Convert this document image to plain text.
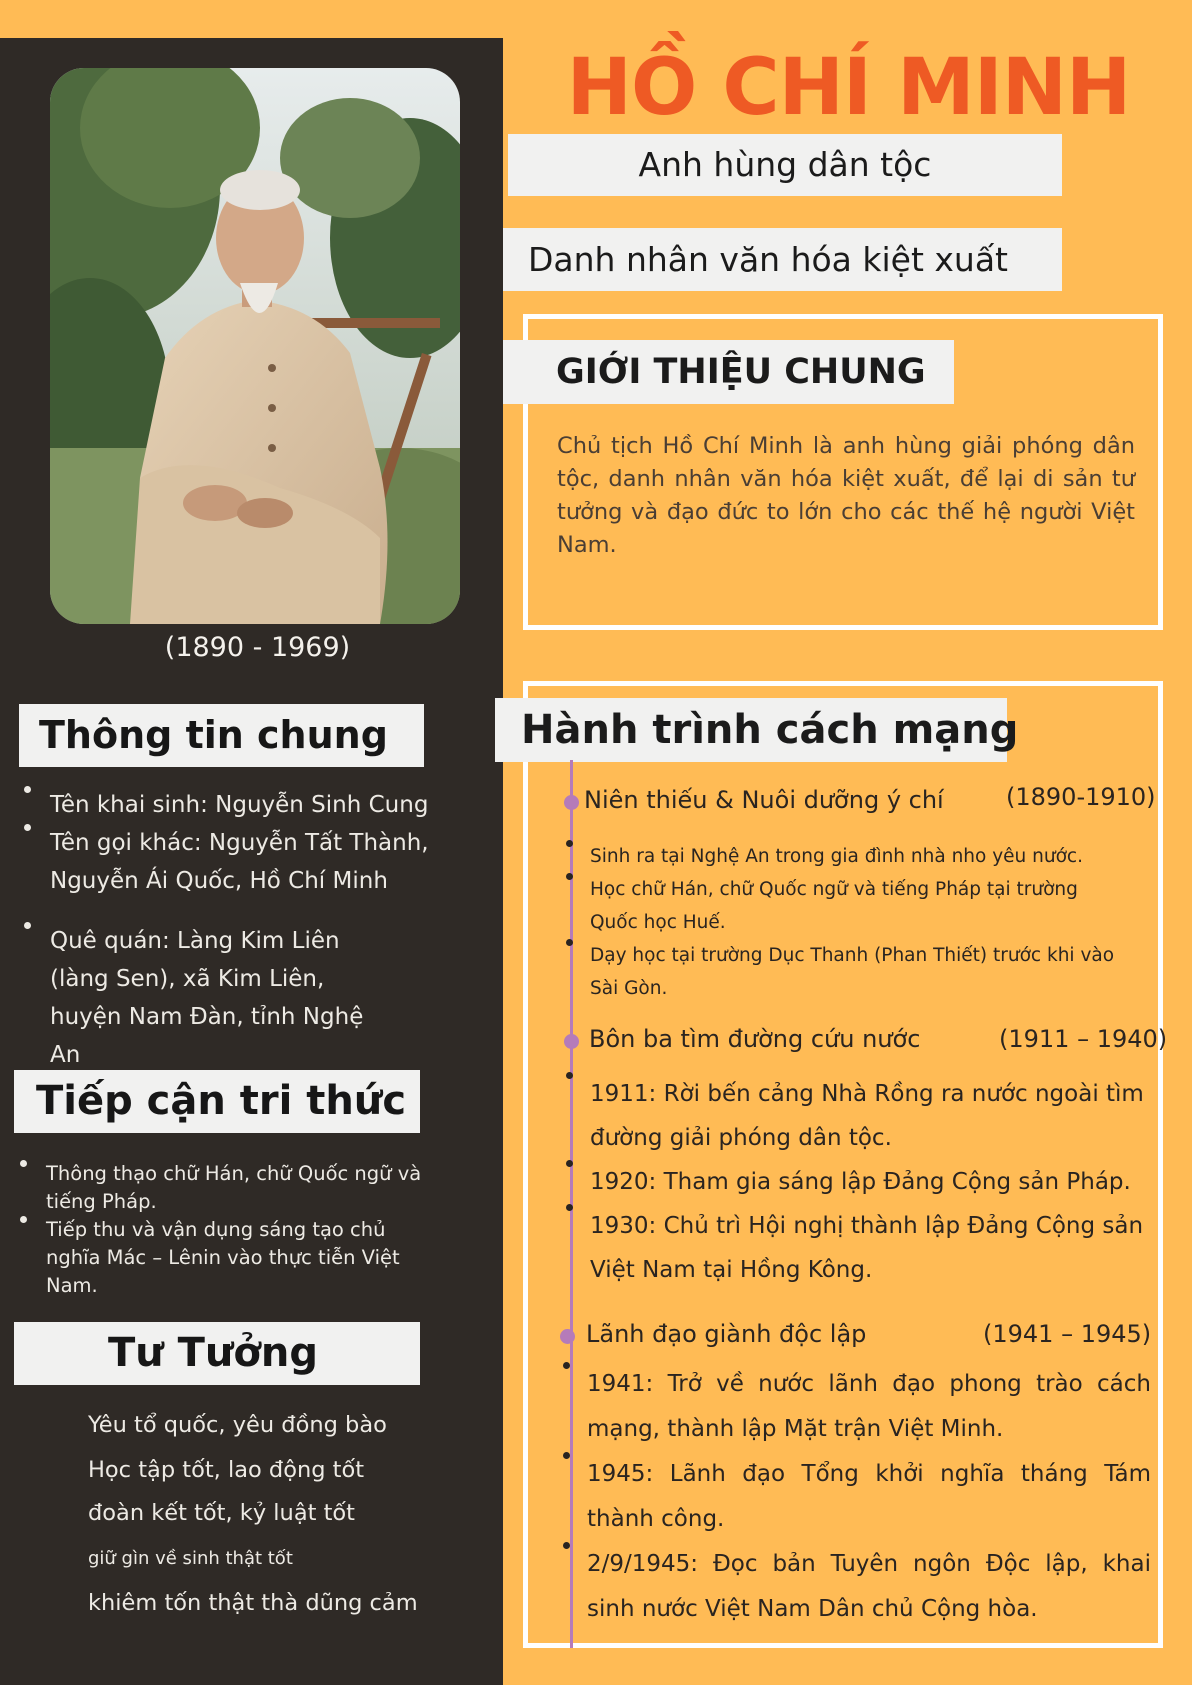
(1890 - 1969)
Thông tin chung
Tên khai sinh: Nguyễn Sinh Cung
Tên gọi khác: Nguyễn Tất Thành, Nguyễn Ái Quốc, Hồ Chí Minh
Quê quán: Làng Kim Liên (làng Sen), xã Kim Liên, huyện Nam Đàn, tỉnh Nghệ An
Tiếp cận tri thức
Thông thạo chữ Hán, chữ Quốc ngữ và tiếng Pháp.
Tiếp thu và vận dụng sáng tạo chủ nghĩa Mác – Lênin vào thực tiễn Việt Nam.
Tư Tưởng
Yêu tổ quốc, yêu đồng bào
Học tập tốt, lao động tốt
đoàn kết tốt, kỷ luật tốt
giữ gìn về sinh thật tốt
khiêm tốn thật thà dũng cảm
HỒ CHÍ MINH
Anh hùng dân tộc
Danh nhân văn hóa kiệt xuất
GIỚI THIỆU CHUNG
Chủ tịch Hồ Chí Minh là anh hùng giải phóng dân tộc, danh nhân văn hóa kiệt xuất, để lại di sản tư tưởng và đạo đức to lớn cho các thế hệ người Việt Nam.
Hành trình cách mạng
Niên thiếu & Nuôi dưỡng ý chí	(1890-1910)
Sinh ra tại Nghệ An trong gia đình nhà nho yêu nước.
Học chữ Hán, chữ Quốc ngữ và tiếng Pháp tại trường Quốc học Huế.
Dạy học tại trường Dục Thanh (Phan Thiết) trước khi vào Sài Gòn.
Bôn ba tìm đường cứu nước	(1911 – 1940)
1911: Rời bến cảng Nhà Rồng ra nước ngoài tìm đường giải phóng dân tộc.
1920: Tham gia sáng lập Đảng Cộng sản Pháp.
1930: Chủ trì Hội nghị thành lập Đảng Cộng sản Việt Nam tại Hồng Kông.
Lãnh đạo giành độc lập	(1941 – 1945)
1941: Trở về nước lãnh đạo phong trào cách mạng, thành lập Mặt trận Việt Minh.
1945: Lãnh đạo Tổng khởi nghĩa tháng Tám thành công.
2/9/1945: Đọc bản Tuyên ngôn Độc lập, khai sinh nước Việt Nam Dân chủ Cộng hòa.
